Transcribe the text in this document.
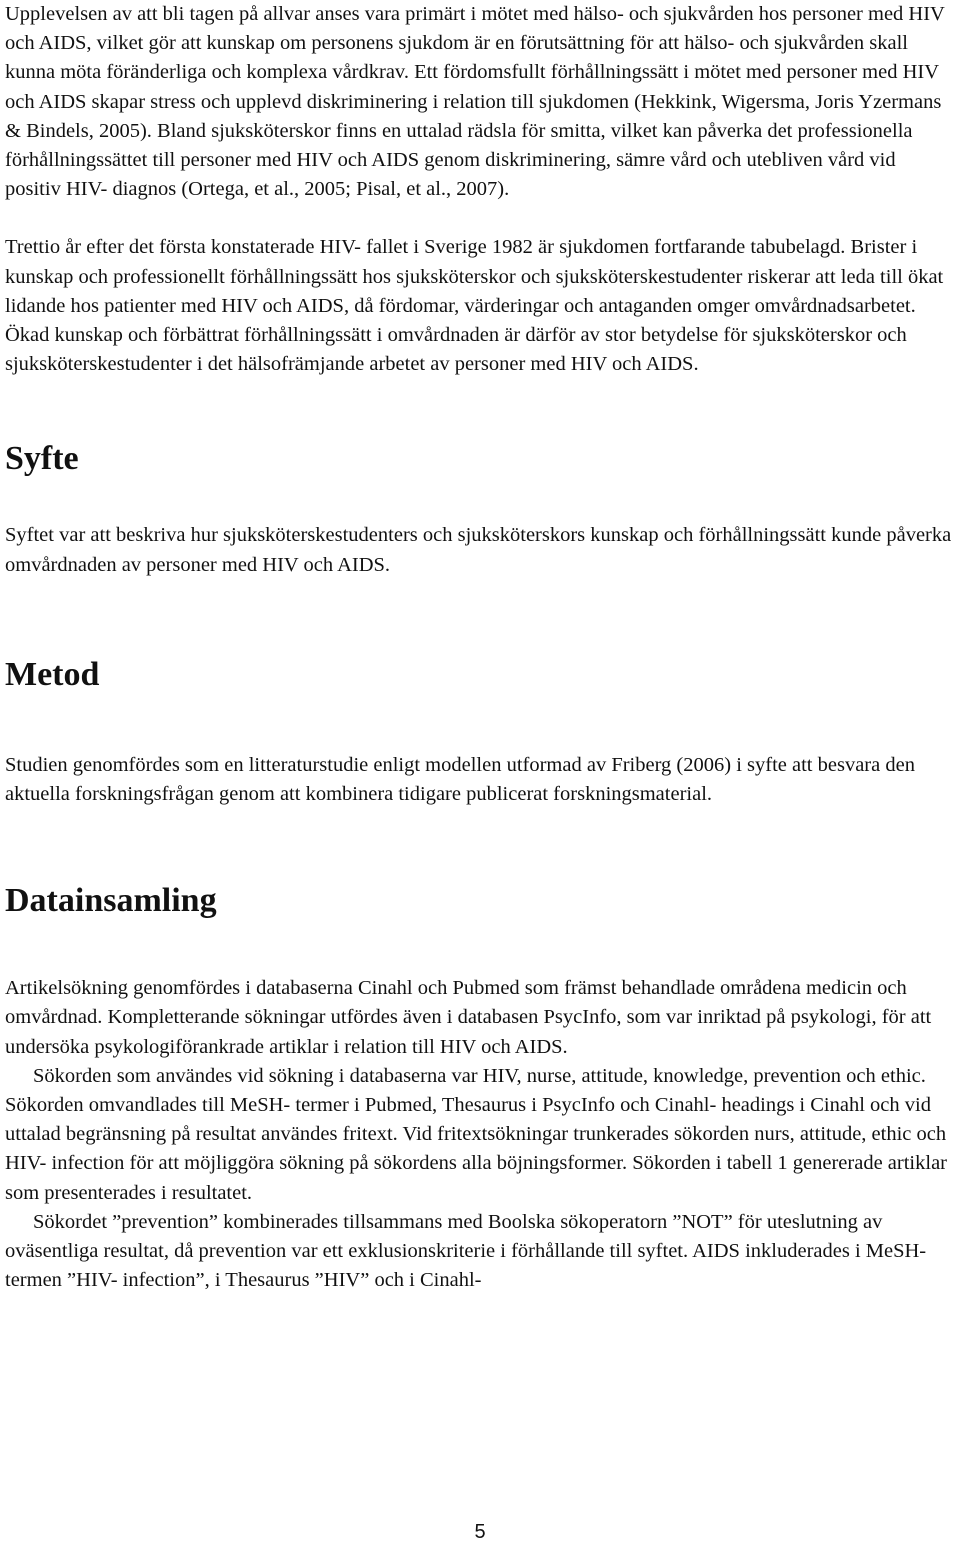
Upplevelsen av att bli tagen på allvar anses vara primärt i mötet med hälso- och sjukvården hos personer med HIV och AIDS, vilket gör att kunskap om personens sjukdom är en förutsättning för att hälso- och sjukvården skall kunna möta föränderliga och komplexa vårdkrav. Ett fördomsfullt förhållningssätt i mötet med personer med HIV och AIDS skapar stress och upplevd diskriminering i relation till sjukdomen (Hekkink, Wigersma, Joris Yzermans & Bindels, 2005). Bland sjuksköterskor finns en uttalad rädsla för smitta, vilket kan påverka det professionella förhållningssättet till personer med HIV och AIDS genom diskriminering, sämre vård och utebliven vård vid positiv HIV- diagnos (Ortega, et al., 2005; Pisal, et al., 2007).

Trettio år efter det första konstaterade HIV- fallet i Sverige 1982 är sjukdomen fortfarande tabubelagd. Brister i kunskap och professionellt förhållningssätt hos sjuksköterskor och sjuksköterskestudenter riskerar att leda till ökat lidande hos patienter med HIV och AIDS, då fördomar, värderingar och antaganden omger omvårdnadsarbetet. Ökad kunskap och förbättrat förhållningssätt i omvårdnaden är därför av stor betydelse för sjuksköterskor och sjuksköterskestudenter i det hälsofrämjande arbetet av personer med HIV och AIDS.

Syfte

Syftet var att beskriva hur sjuksköterskestudenters och sjuksköterskors kunskap och förhållningssätt kunde påverka omvårdnaden av personer med HIV och AIDS.

Metod

Studien genomfördes som en litteraturstudie enligt modellen utformad av Friberg (2006) i syfte att besvara den aktuella forskningsfrågan genom att kombinera tidigare publicerat forskningsmaterial.

Datainsamling

Artikelsökning genomfördes i databaserna Cinahl och Pubmed som främst behandlade områdena medicin och omvårdnad. Kompletterande sökningar utfördes även i databasen PsycInfo, som var inriktad på psykologi, för att undersöka psykologiförankrade artiklar i relation till HIV och AIDS.

Sökorden som användes vid sökning i databaserna var HIV, nurse, attitude, knowledge, prevention och ethic. Sökorden omvandlades till MeSH- termer i Pubmed, Thesaurus i PsycInfo och Cinahl- headings i Cinahl och vid uttalad begränsning på resultat användes fritext. Vid fritextsökningar trunkerades sökorden nurs, attitude, ethic och HIV- infection för att möjliggöra sökning på sökordens alla böjningsformer. Sökorden i tabell 1 genererade artiklar som presenterades i resultatet.

Sökordet ”prevention” kombinerades tillsammans med Boolska sökoperatorn ”NOT” för uteslutning av oväsentliga resultat, då prevention var ett exklusionskriterie i förhållande till syftet. AIDS inkluderades i MeSH- termen ”HIV- infection”, i Thesaurus ”HIV” och i Cinahl-

5
